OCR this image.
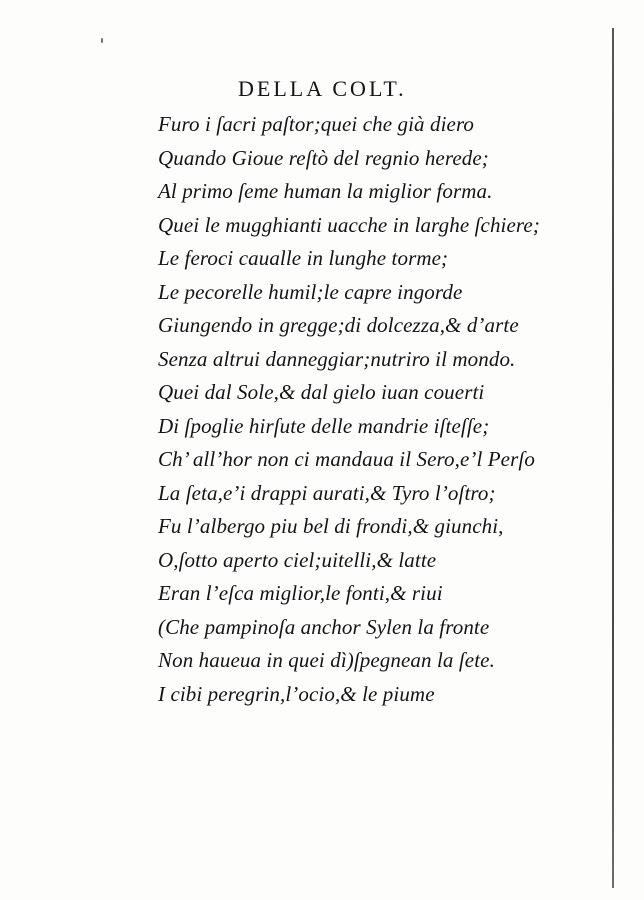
DELLA COLT.
Furo i ſacri paſtor;quei che già diero
Quando Gioue reſtò del regnio herede;
Al primo ſeme human la miglior forma.
Quei le mugghianti uacche in larghe ſchiere;
Le feroci caualle in lunghe torme;
Le pecorelle humil;le capre ingorde
Giungendo in gregge;di dolcezza,& d’arte
Senza altrui danneggiar;nutriro il mondo.
Quei dal Sole,& dal gielo iuan couerti
Di ſpoglie hirſute delle mandrie iſteſſe;
Ch’ all’hor non ci mandaua il Sero,e’l Perſo
La ſeta,e’i drappi aurati,& Tyro l’oſtro;
Fu l’albergo piu bel di frondi,& giunchi,
O,ſotto aperto ciel;uitelli,& latte
Eran l’eſca miglior,le fonti,& riui
(Che pampinoſa anchor Sylen la fronte
Non haueua in quei dì)ſpegnean la ſete.
I cibi peregrin,l’ocio,& le piume
